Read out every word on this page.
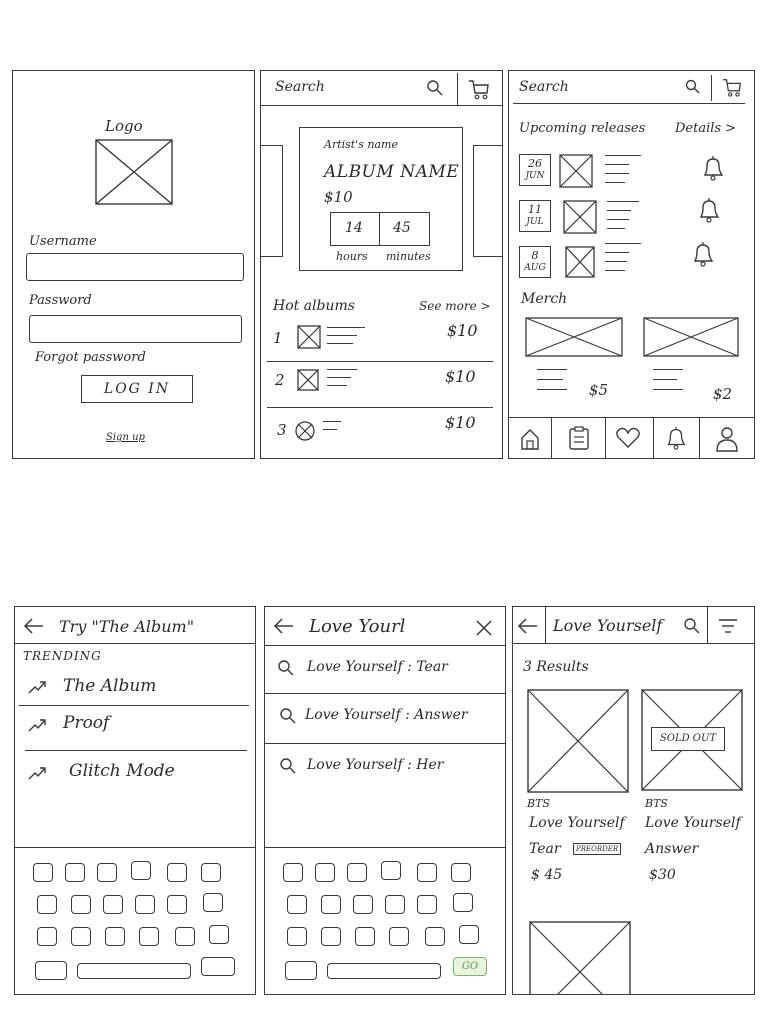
Logo
Username
Password
Forgot password
LOG IN
Sign up
Search
Artist's name
ALBUM NAME
$10
14 45
hours minutes
Hot albums	See more >
1	$10
2	$10
3	$10
Search
Upcoming releases Details >
26
JUN
11
JUL
8
AUG
Merch
$5	$2
Try "The Album"
TRENDING
The Album
Proof
Glitch Mode
Love Yourl
Love Yourself : Tear
Love Yourself : Answer
Love Yourself : Her
GO
Love Yourself
3 Results
BTS
Love Yourself
Tear	PREORDER
$ 45
SOLD OUT
BTS
Love Yourself
Answer
$30
